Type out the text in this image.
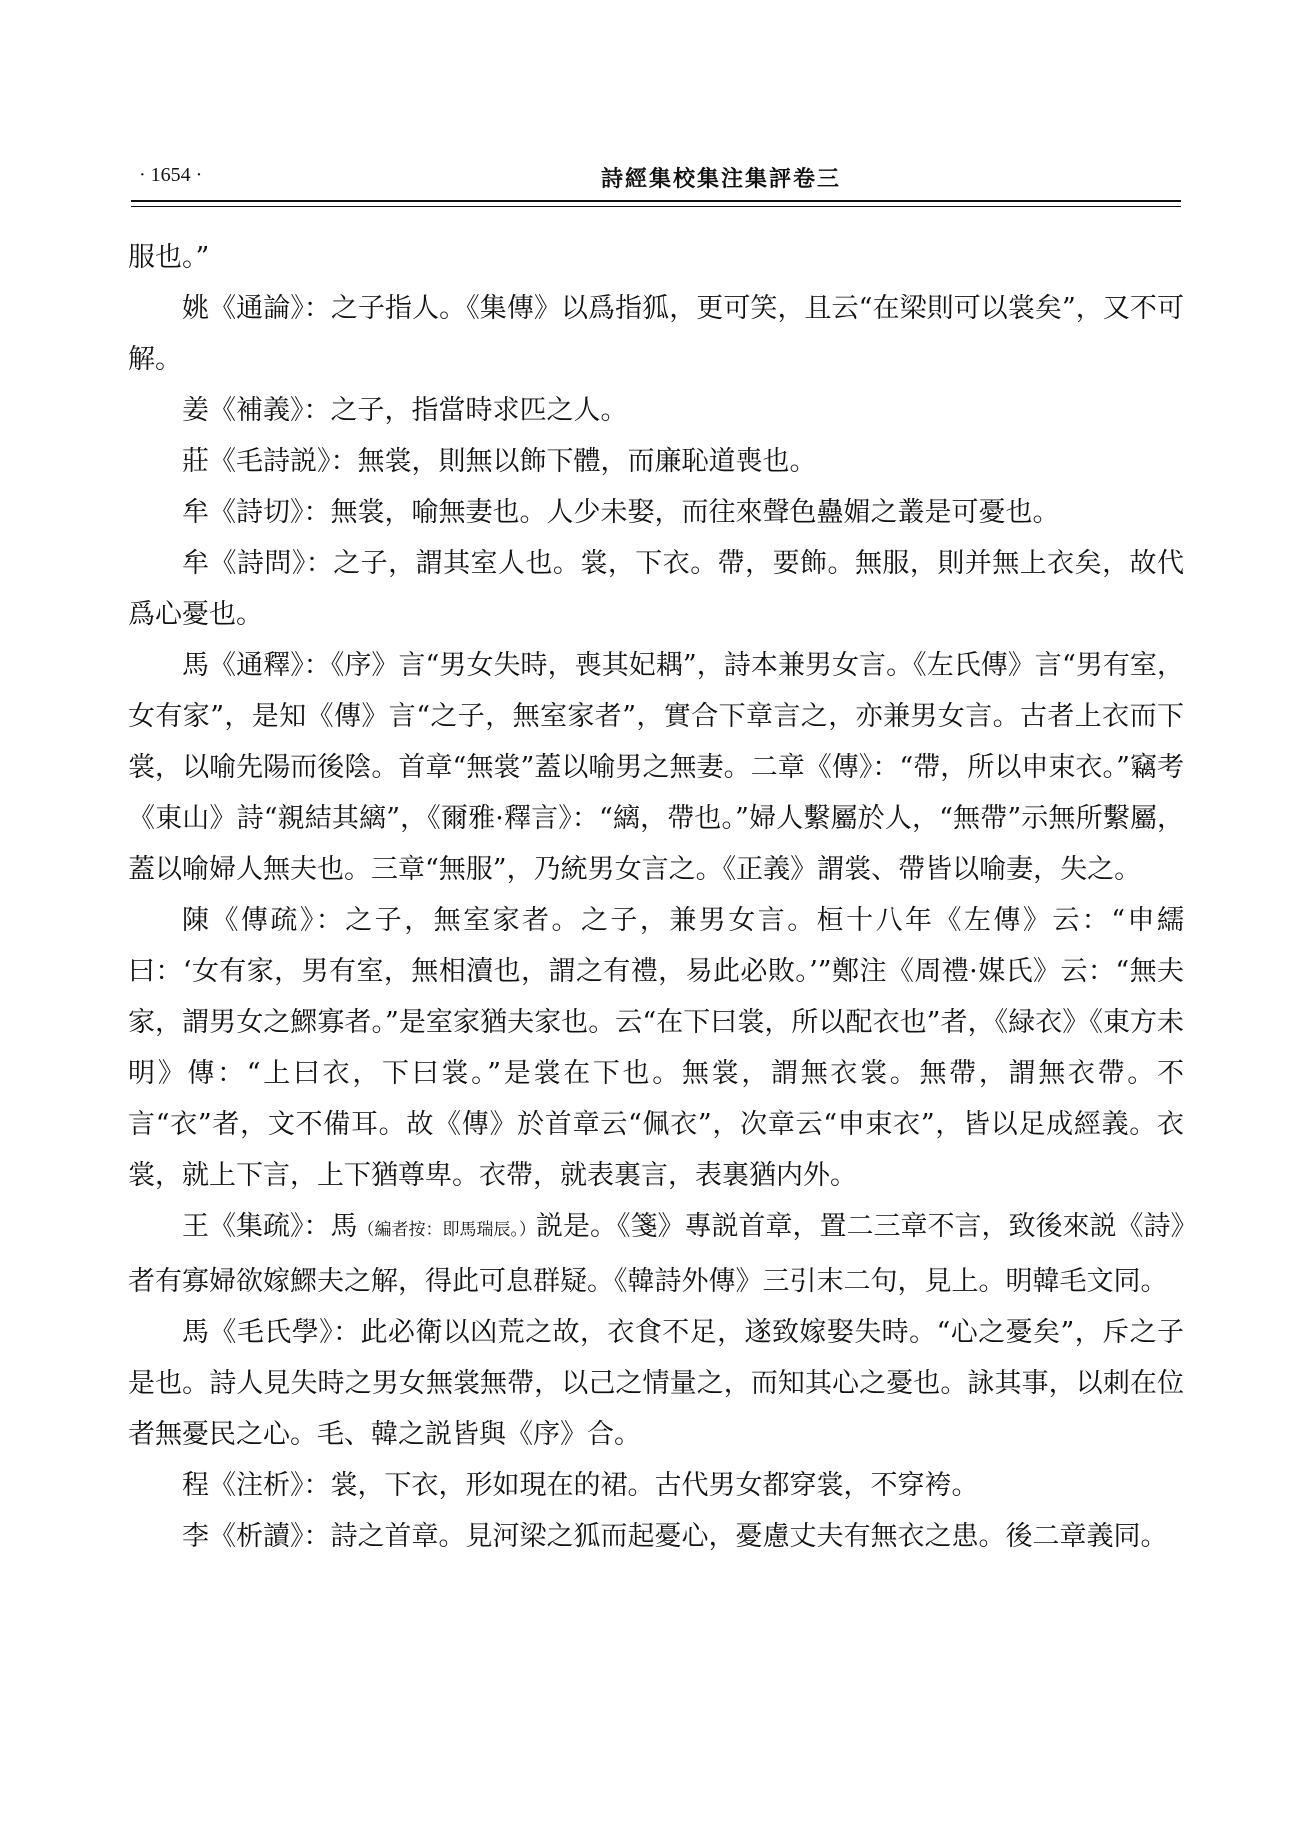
· 1654 ·	詩經集校集注集評卷三

服也。”

姚《通論》：之子指人。《集傳》以爲指狐，更可笑，且云“在梁則可以裳矣”，又不可解。

姜《補義》：之子，指當時求匹之人。

莊《毛詩説》：無裳，則無以飾下體，而廉恥道喪也。

牟《詩切》：無裳，喻無妻也。人少未娶，而往來聲色蠱媚之叢是可憂也。

牟《詩問》：之子，謂其室人也。裳，下衣。帶，要飾。無服，則并無上衣矣，故代爲心憂也。

馬《通釋》：《序》言“男女失時，喪其妃耦”，詩本兼男女言。《左氏傳》言“男有室，女有家”，是知《傳》言“之子，無室家者”，實合下章言之，亦兼男女言。古者上衣而下裳，以喻先陽而後陰。首章“無裳”蓋以喻男之無妻。二章《傳》：“帶，所以申束衣。”竊考《東山》詩“親結其縭”，《爾雅·釋言》：“縭，帶也。”婦人繫屬於人，“無帶”示無所繫屬，蓋以喻婦人無夫也。三章“無服”，乃統男女言之。《正義》謂裳、帶皆以喻妻，失之。

陳《傳疏》：之子，無室家者。之子，兼男女言。桓十八年《左傳》云：“申繻曰：‘女有家，男有室，無相瀆也，謂之有禮，易此必敗。’”鄭注《周禮·媒氏》云：“無夫家，謂男女之鰥寡者。”是室家猶夫家也。云“在下曰裳，所以配衣也”者，《緑衣》《東方未明》傳：“上曰衣，下曰裳。”是裳在下也。無裳，謂無衣裳。無帶，謂無衣帶。不言“衣”者，文不備耳。故《傳》於首章云“佩衣”，次章云“申束衣”，皆以足成經義。衣裳，就上下言，上下猶尊卑。衣帶，就表裏言，表裏猶内外。

王《集疏》：馬（編者按：即馬瑞辰。）説是。《箋》專説首章，置二三章不言，致後來説《詩》者有寡婦欲嫁鰥夫之解，得此可息群疑。《韓詩外傳》三引末二句，見上。明韓毛文同。

馬《毛氏學》：此必衛以凶荒之故，衣食不足，遂致嫁娶失時。“心之憂矣”，斥之子是也。詩人見失時之男女無裳無帶，以己之情量之，而知其心之憂也。詠其事，以刺在位者無憂民之心。毛、韓之説皆與《序》合。

程《注析》：裳，下衣，形如現在的裙。古代男女都穿裳，不穿袴。

李《析讀》：詩之首章。見河梁之狐而起憂心，憂慮丈夫有無衣之患。後二章義同。
